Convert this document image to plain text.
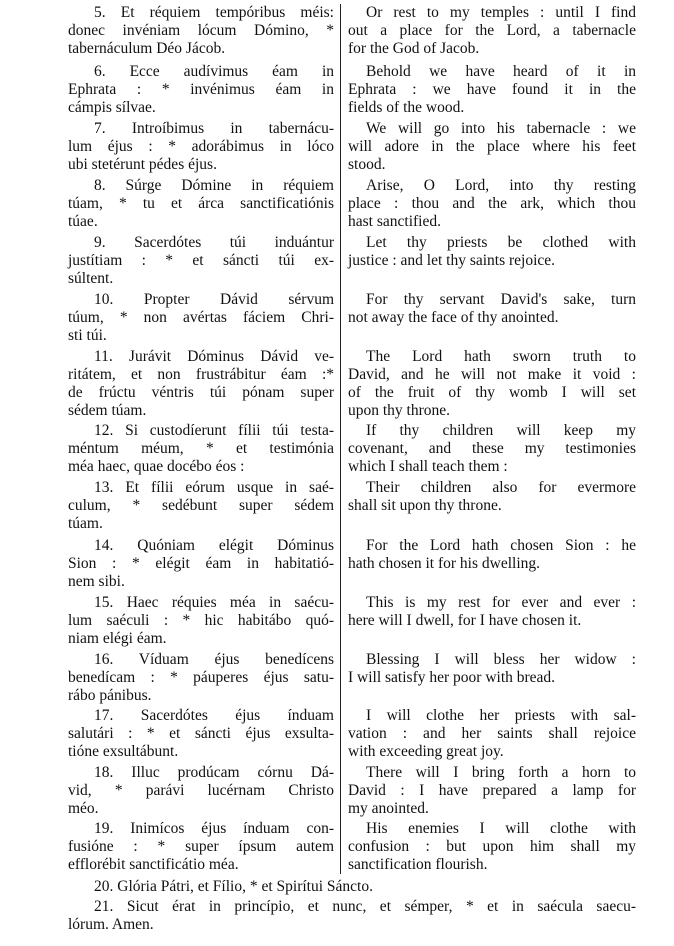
5. Et réquiem tempóribus méis:
donec invéniam lócum Dómino, *
tabernáculum Déo Jácob.
6. Ecce audívimus éam in
Ephrata : * invénimus éam in
cámpis sílvae.
7. Introíbimus in tabernácu-
lum éjus : * adorábimus in lóco
ubi stetérunt pédes éjus.
8. Súrge Dómine in réquiem
túam, * tu et árca sanctificatiónis
túae.
9. Sacerdótes túi induántur
justítiam : * et sáncti túi ex-
súltent.
10. Propter Dávid sérvum
túum, * non avértas fáciem Chri-
sti túi.
11. Jurávit Dóminus Dávid ve-
ritátem, et non frustrábitur éam :*
de frúctu véntris túi pónam super
sédem túam.
12. Si custodíerunt fílii túi testa-
méntum méum, * et testimónia
méa haec, quae docébo éos :
13. Et fílii eórum usque in saé-
culum, * sedébunt super sédem
túam.
14. Quóniam elégit Dóminus
Sion : * elégit éam in habitatió-
nem sibi.
15. Haec réquies méa in saécu-
lum saéculi : * hic habitábo quó-
niam elégi éam.
16. Víduam éjus benedícens
benedícam : * páuperes éjus satu-
rábo pánibus.
17. Sacerdótes éjus índuam
salutári : * et sáncti éjus exsulta-
tióne exsultábunt.
18. Illuc prodúcam córnu Dá-
vid, * parávi lucérnam Christo
méo.
19. Inimícos éjus índuam con-
fusióne : * super ípsum autem
efflorébit sanctificátio méa.
Or rest to my temples : until I find
out a place for the Lord, a tabernacle
for the God of Jacob.
Behold we have heard of it in
Ephrata : we have found it in the
fields of the wood.
We will go into his tabernacle : we
will adore in the place where his feet
stood.
Arise, O Lord, into thy resting
place : thou and the ark, which thou
hast sanctified.
Let thy priests be clothed with
justice : and let thy saints rejoice.
For thy servant David's sake, turn
not away the face of thy anointed.
The Lord hath sworn truth to
David, and he will not make it void :
of the fruit of thy womb I will set
upon thy throne.
If thy children will keep my
covenant, and these my testimonies
which I shall teach them :
Their children also for evermore
shall sit upon thy throne.
For the Lord hath chosen Sion : he
hath chosen it for his dwelling.
This is my rest for ever and ever :
here will I dwell, for I have chosen it.
Blessing I will bless her widow :
I will satisfy her poor with bread.
I will clothe her priests with sal-
vation : and her saints shall rejoice
with exceeding great joy.
There will I bring forth a horn to
David : I have prepared a lamp for
my anointed.
His enemies I will clothe with
confusion : but upon him shall my
sanctification flourish.
20. Glória Pátri, et Fílio, * et Spirítui Sáncto.
21. Sicut érat in princípio, et nunc, et sémper, * et in saécula saecu-
lórum. Amen.
